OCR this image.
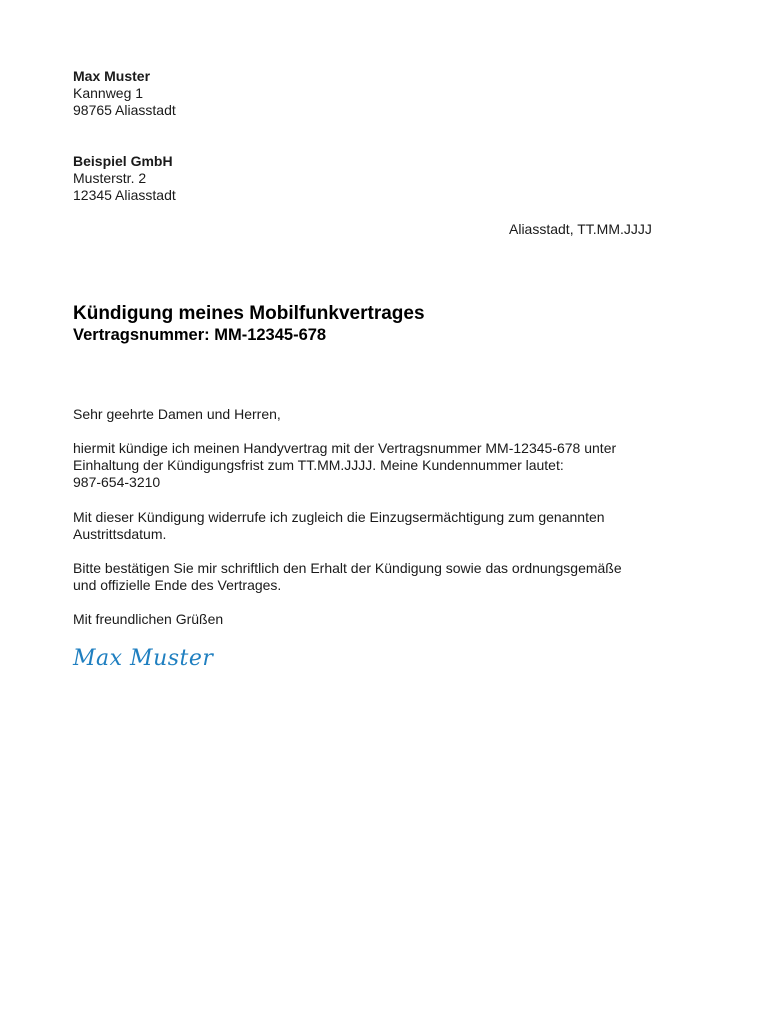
Max Muster
Kannweg 1
98765 Aliasstadt
Beispiel GmbH
Musterstr. 2
12345 Aliasstadt
Aliasstadt, TT.MM.JJJJ
Kündigung meines Mobilfunkvertrages
Vertragsnummer: MM-12345-678
Sehr geehrte Damen und Herren,
hiermit kündige ich meinen Handyvertrag mit der Vertragsnummer MM-12345-678 unter
Einhaltung der Kündigungsfrist zum TT.MM.JJJJ. Meine Kundennummer lautet:
987-654-3210
Mit dieser Kündigung widerrufe ich zugleich die Einzugsermächtigung zum genannten
Austrittsdatum.
Bitte bestätigen Sie mir schriftlich den Erhalt der Kündigung sowie das ordnungsgemäße
und offizielle Ende des Vertrages.
Mit freundlichen Grüßen
Max Muster
